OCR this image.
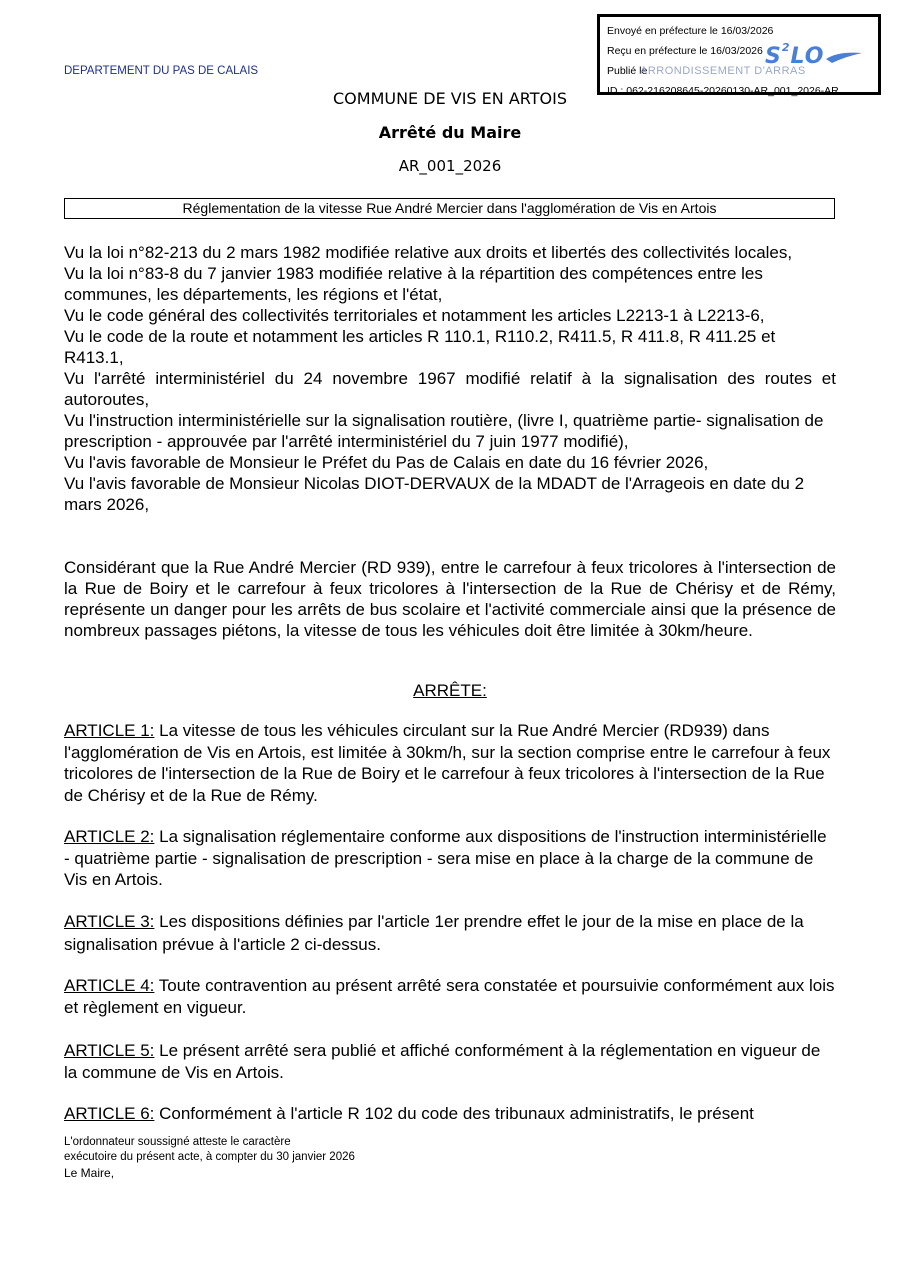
Envoyé en préfecture le 16/03/2026
Reçu en préfecture le 16/03/2026
Publié le
ID : 062-216208645-20260130-AR_001_2026-AR
ARRONDISSEMENT D'ARRAS
$S^2LO$
DEPARTEMENT DU PAS DE CALAIS
COMMUNE DE VIS EN ARTOIS
Arrêté du Maire
AR_001_2026
Réglementation de la vitesse Rue André Mercier dans l'agglomération de Vis en Artois

Vu la loi n°82-213 du 2 mars 1982 modifiée relative aux droits et libertés des collectivités locales,

Vu la loi n°83-8 du 7 janvier 1983 modifiée relative à la répartition des compétences entre les communes, les départements, les régions et l'état,

Vu le code général des collectivités territoriales et notamment les articles L2213-1 à L2213-6,

Vu le code de la route et notamment les articles R 110.1, R110.2, R411.5, R 411.8, R 411.25 et R413.1,

Vu l'arrêté interministériel du 24 novembre 1967 modifié relatif à la signalisation des routes et autoroutes,

Vu l'instruction interministérielle sur la signalisation routière, (livre I, quatrième partie- signalisation de prescription - approuvée par l'arrêté interministériel du 7 juin 1977 modifié),

Vu l'avis favorable de Monsieur le Préfet du Pas de Calais en date du 16 février 2026,

Vu l'avis favorable de Monsieur Nicolas DIOT-DERVAUX de la MDADT de l'Arrageois en date du 2 mars 2026,

Considérant que la Rue André Mercier (RD 939), entre le carrefour à feux tricolores à l'intersection de la Rue de Boiry et le carrefour à feux tricolores à l'intersection de la Rue de Chérisy et de Rémy, représente un danger pour les arrêts de bus scolaire et l'activité commerciale ainsi que la présence de nombreux passages piétons, la vitesse de tous les véhicules doit être limitée à 30km/heure.
ARRÊTE:
ARTICLE 1: La vitesse de tous les véhicules circulant sur la Rue André Mercier (RD939) dans l'agglomération de Vis en Artois, est limitée à 30km/h, sur la section comprise entre le carrefour à feux tricolores de l'intersection de la Rue de Boiry et le carrefour à feux tricolores à l'intersection de la Rue de Chérisy et de la Rue de Rémy.
ARTICLE 2: La signalisation réglementaire conforme aux dispositions de l'instruction interministérielle - quatrième partie - signalisation de prescription - sera mise en place à la charge de la commune de Vis en Artois.
ARTICLE 3: Les dispositions définies par l'article 1er prendre effet le jour de la mise en place de la signalisation prévue à l'article 2 ci-dessus.
ARTICLE 4: Toute contravention au présent arrêté sera constatée et poursuivie conformément aux lois et règlement en vigueur.
ARTICLE 5: Le présent arrêté sera publié et affiché conformément à la réglementation en vigueur de la commune de Vis en Artois.
ARTICLE 6: Conformément à l'article R 102 du code des tribunaux administratifs, le présent
L'ordonnateur soussigné atteste le caractère
exécutoire du présent acte, à compter du 30 janvier 2026
Le Maire,
